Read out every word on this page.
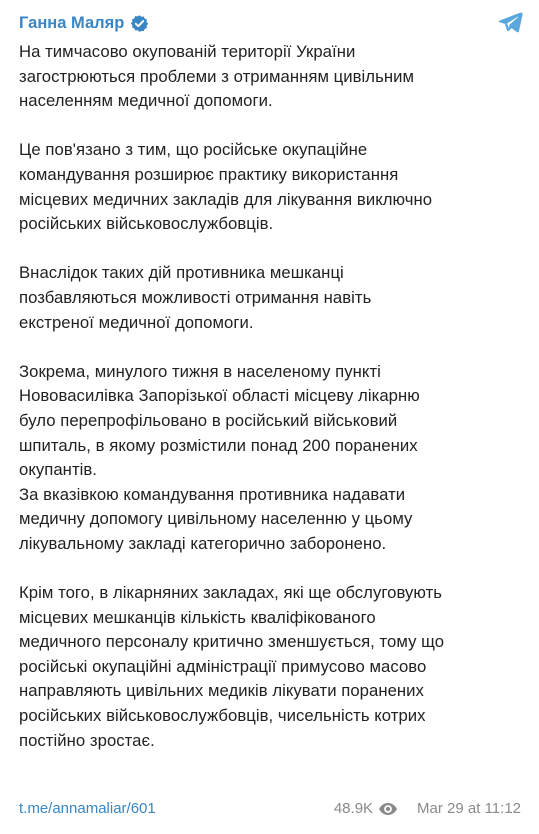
Ганна Маляр

На тимчасово окупованій території України
загострюються проблеми з отриманням цивільним
населенням медичної допомоги.

Це пов'язано з тим, що російське окупаційне
командування розширює практику використання
місцевих медичних закладів для лікування виключно
російських військовослужбовців.

Внаслідок таких дій противника мешканці
позбавляються можливості отримання навіть
екстреної медичної допомоги.

Зокрема, минулого тижня в населеному пункті
Нововасилівка Запорізької області місцеву лікарню
було перепрофільовано в російський військовий
шпиталь, в якому розмістили понад 200 поранених
окупантів.
За вказівкою командування противника надавати
медичну допомогу цивільному населенню у цьому
лікувальному закладі категорично заборонено.

Крім того, в лікарняних закладах, які ще обслуговують
місцевих мешканців кількість кваліфікованого
медичного персоналу критично зменшується, тому що
російські окупаційні адміністрації примусово масово
направляють цивільних медиків лікувати поранених
російських військовослужбовців, чисельність котрих
постійно зростає.

t.me/annamaliar/601	48.9K	Mar 29 at 11:12
